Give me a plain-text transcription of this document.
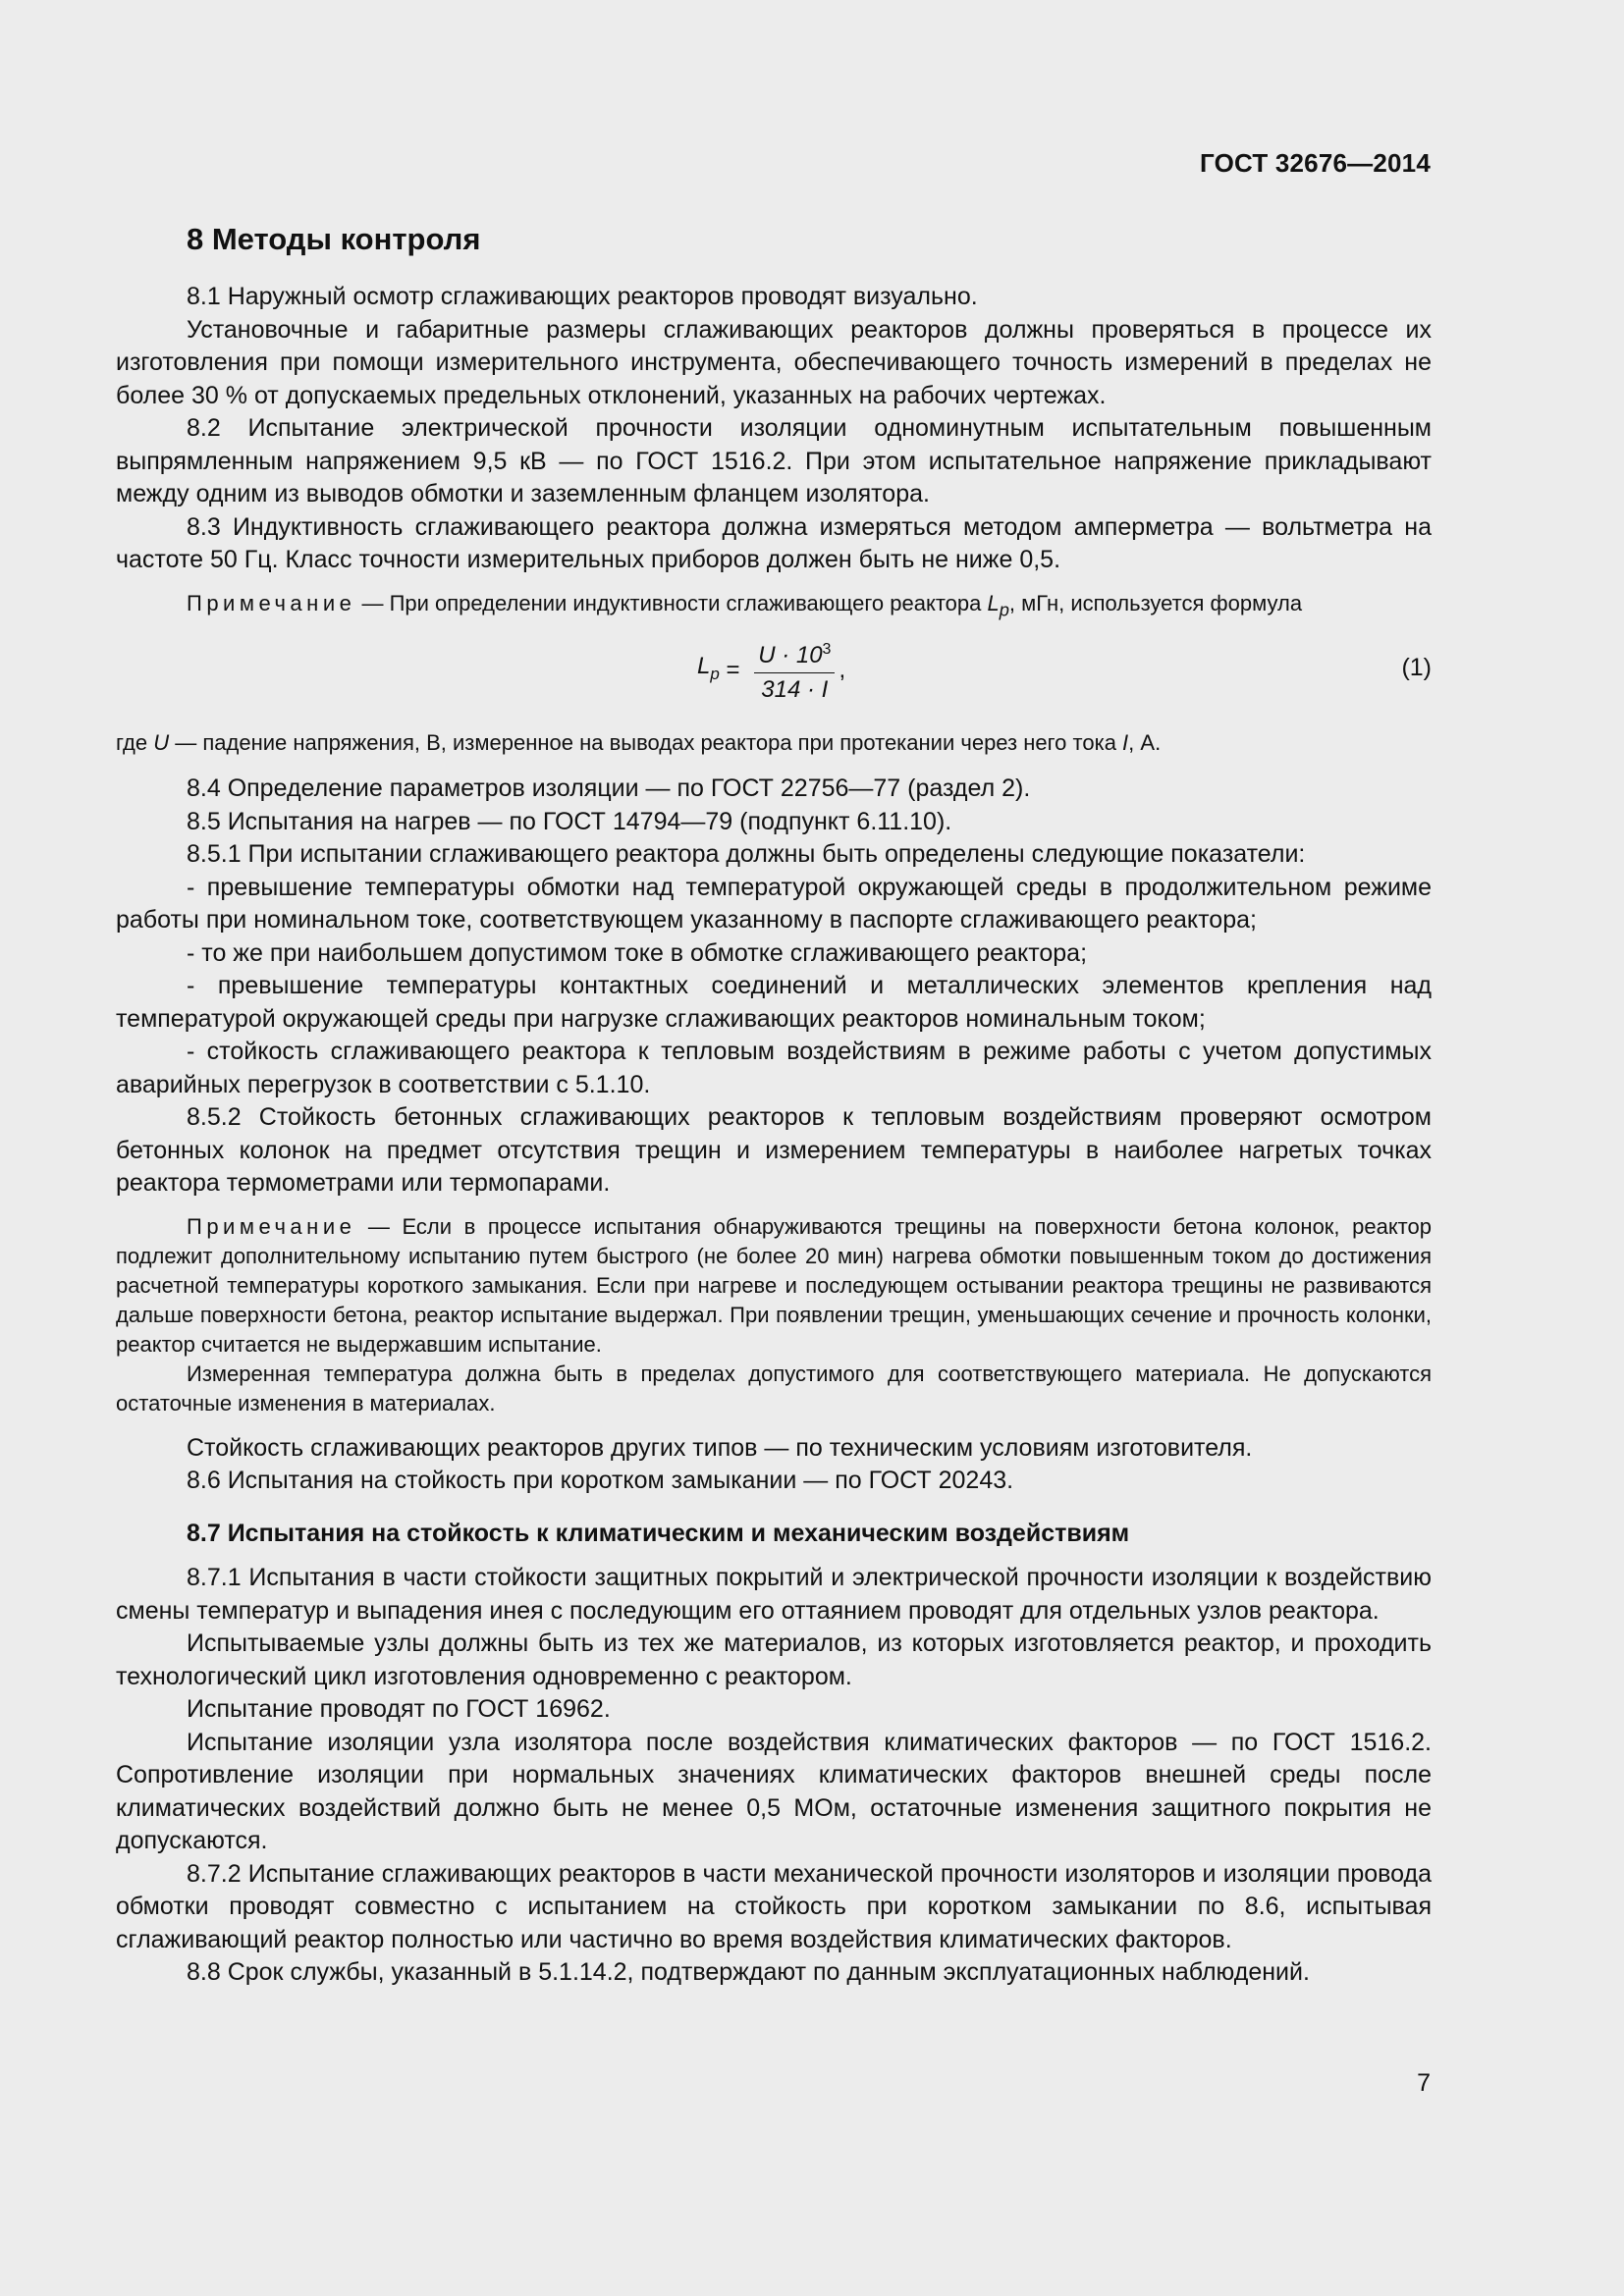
ГОСТ 32676—2014

8 Методы контроля

8.1 Наружный осмотр сглаживающих реакторов проводят визуально.

Установочные и габаритные размеры сглаживающих реакторов должны проверяться в процессе их изготовления при помощи измерительного инструмента, обеспечивающего точность измерений в пределах не более 30 % от допускаемых предельных отклонений, указанных на рабочих чертежах.

8.2 Испытание электрической прочности изоляции одноминутным испытательным повышенным выпрямленным напряжением 9,5 кВ — по ГОСТ 1516.2. При этом испытательное напряжение прикладывают между одним из выводов обмотки и заземленным фланцем изолятора.

8.3 Индуктивность сглаживающего реактора должна измеряться методом амперметра — вольтметра на частоте 50 Гц. Класс точности измерительных приборов должен быть не ниже 0,5.

Примечание — При определении индуктивности сглаживающего реактора $L_p$, мГн, используется формула

$L_p = \frac{U \cdot 10^3}{314 \cdot I}$ ,	(1)

где U — падение напряжения, В, измеренное на выводах реактора при протекании через него тока I, А.

8.4 Определение параметров изоляции — по ГОСТ 22756—77 (раздел 2).

8.5 Испытания на нагрев — по ГОСТ 14794—79 (подпункт 6.11.10).

8.5.1 При испытании сглаживающего реактора должны быть определены следующие показатели:

- превышение температуры обмотки над температурой окружающей среды в продолжительном режиме работы при номинальном токе, соответствующем указанному в паспорте сглаживающего реактора;

- то же при наибольшем допустимом токе в обмотке сглаживающего реактора;

- превышение температуры контактных соединений и металлических элементов крепления над температурой окружающей среды при нагрузке сглаживающих реакторов номинальным током;

- стойкость сглаживающего реактора к тепловым воздействиям в режиме работы с учетом допустимых аварийных перегрузок в соответствии с 5.1.10.

8.5.2 Стойкость бетонных сглаживающих реакторов к тепловым воздействиям проверяют осмотром бетонных колонок на предмет отсутствия трещин и измерением температуры в наиболее нагретых точках реактора термометрами или термопарами.

Примечание — Если в процессе испытания обнаруживаются трещины на поверхности бетона колонок, реактор подлежит дополнительному испытанию путем быстрого (не более 20 мин) нагрева обмотки повышенным током до достижения расчетной температуры короткого замыкания. Если при нагреве и последующем остывании реактора трещины не развиваются дальше поверхности бетона, реактор испытание выдержал. При появлении трещин, уменьшающих сечение и прочность колонки, реактор считается не выдержавшим испытание.

Измеренная температура должна быть в пределах допустимого для соответствующего материала. Не допускаются остаточные изменения в материалах.

Стойкость сглаживающих реакторов других типов — по техническим условиям изготовителя.

8.6 Испытания на стойкость при коротком замыкании — по ГОСТ 20243.

8.7 Испытания на стойкость к климатическим и механическим воздействиям

8.7.1 Испытания в части стойкости защитных покрытий и электрической прочности изоляции к воздействию смены температур и выпадения инея с последующим его оттаянием проводят для отдельных узлов реактора.

Испытываемые узлы должны быть из тех же материалов, из которых изготовляется реактор, и проходить технологический цикл изготовления одновременно с реактором.

Испытание проводят по ГОСТ 16962.

Испытание изоляции узла изолятора после воздействия климатических факторов — по ГОСТ 1516.2. Сопротивление изоляции при нормальных значениях климатических факторов внешней среды после климатических воздействий должно быть не менее 0,5 МОм, остаточные изменения защитного покрытия не допускаются.

8.7.2 Испытание сглаживающих реакторов в части механической прочности изоляторов и изоляции провода обмотки проводят совместно с испытанием на стойкость при коротком замыкании по 8.6, испытывая сглаживающий реактор полностью или частично во время воздействия климатических факторов.

8.8 Срок службы, указанный в 5.1.14.2, подтверждают по данным эксплуатационных наблюдений.

7
